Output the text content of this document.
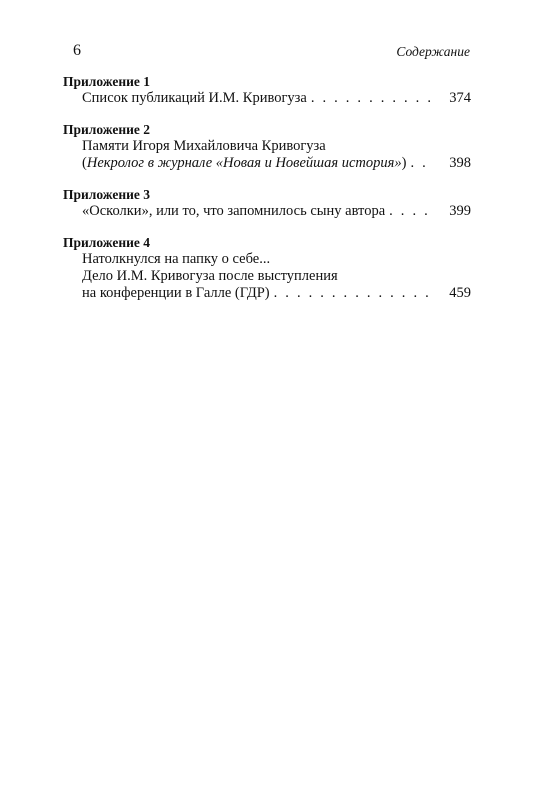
6	Содержание
Приложение 1
Список публикаций И.М. Кривогуза . . .	374
Приложение 2
Памяти Игоря Михайловича Кривогуза
(Некролог в журнале «Новая и Новейшая история») . . .	398
Приложение 3
«Осколки», или то, что запомнилось сыну автора . . .	399
Приложение 4
Натолкнулся на папку о себе...
Дело И.М. Кривогуза после выступления
на конференции в Галле (ГДР) . . .	459
